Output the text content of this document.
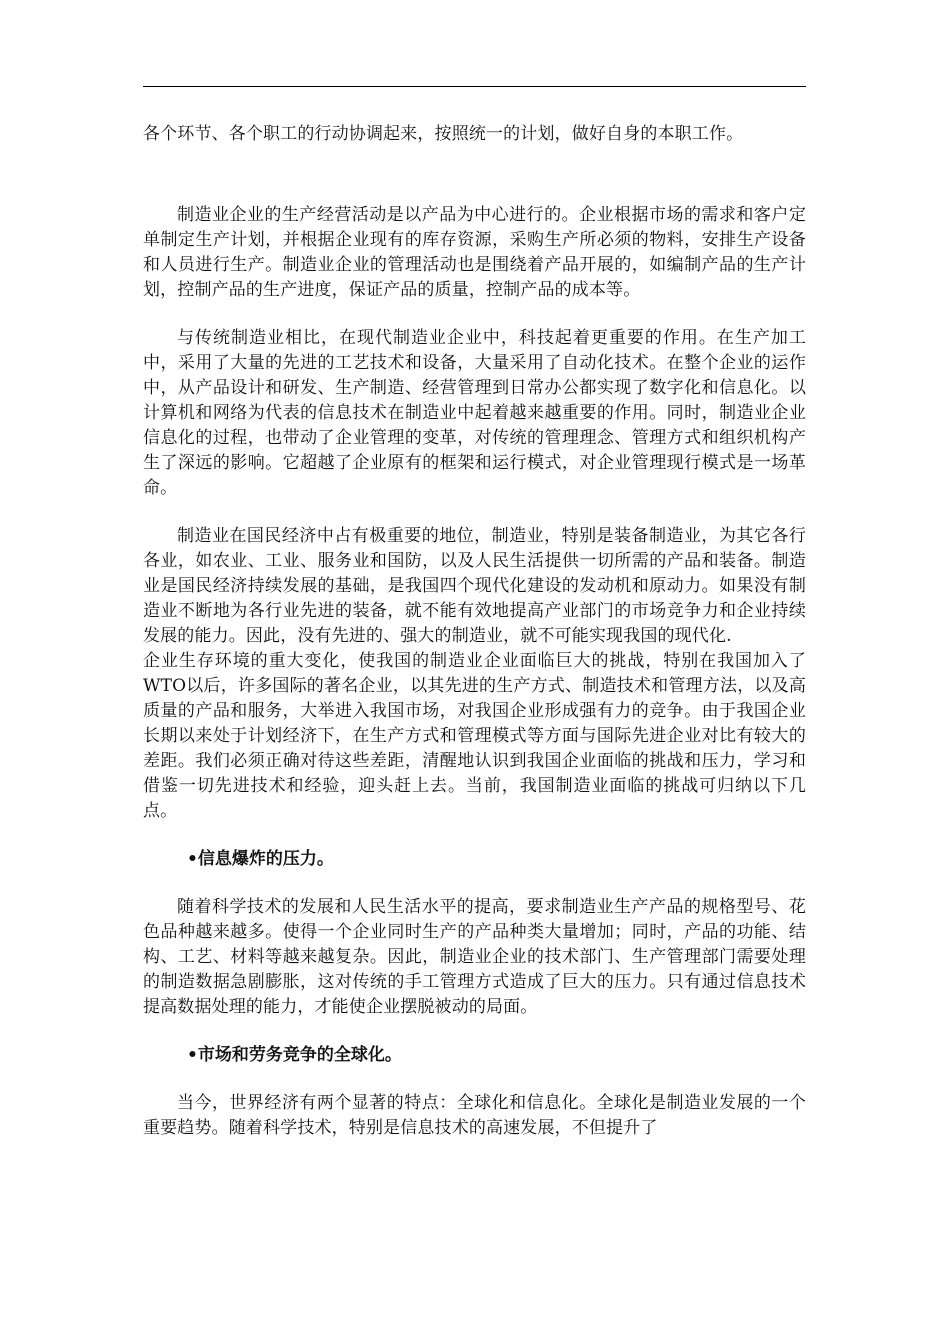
各个环节、各个职工的行动协调起来，按照统一的计划，做好自身的本职工作。

制造业企业的生产经营活动是以产品为中心进行的。企业根据市场的需求和客户定单制定生产计划，并根据企业现有的库存资源，采购生产所必须的物料，安排生产设备和人员进行生产。制造业企业的管理活动也是围绕着产品开展的，如编制产品的生产计划，控制产品的生产进度，保证产品的质量，控制产品的成本等。

与传统制造业相比，在现代制造业企业中，科技起着更重要的作用。在生产加工中，采用了大量的先进的工艺技术和设备，大量采用了自动化技术。在整个企业的运作中，从产品设计和研发、生产制造、经营管理到日常办公都实现了数字化和信息化。以计算机和网络为代表的信息技术在制造业中起着越来越重要的作用。同时，制造业企业信息化的过程，也带动了企业管理的变革，对传统的管理理念、管理方式和组织机构产生了深远的影响。它超越了企业原有的框架和运行模式，对企业管理现行模式是一场革命。

制造业在国民经济中占有极重要的地位，制造业，特别是装备制造业，为其它各行各业，如农业、工业、服务业和国防，以及人民生活提供一切所需的产品和装备。制造业是国民经济持续发展的基础，是我国四个现代化建设的发动机和原动力。如果没有制造业不断地为各行业先进的装备，就不能有效地提高产业部门的市场竞争力和企业持续发展的能力。因此，没有先进的、强大的制造业，就不可能实现我国的现代化.

企业生存环境的重大变化，使我国的制造业企业面临巨大的挑战，特别在我国加入了WTO以后，许多国际的著名企业，以其先进的生产方式、制造技术和管理方法，以及高质量的产品和服务，大举进入我国市场，对我国企业形成强有力的竞争。由于我国企业长期以来处于计划经济下，在生产方式和管理模式等方面与国际先进企业对比有较大的差距。我们必须正确对待这些差距，清醒地认识到我国企业面临的挑战和压力，学习和借鉴一切先进技术和经验，迎头赶上去。当前，我国制造业面临的挑战可归纳以下几点。

•信息爆炸的压力。

随着科学技术的发展和人民生活水平的提高，要求制造业生产产品的规格型号、花色品种越来越多。使得一个企业同时生产的产品种类大量增加；同时，产品的功能、结构、工艺、材料等越来越复杂。因此，制造业企业的技术部门、生产管理部门需要处理的制造数据急剧膨胀，这对传统的手工管理方式造成了巨大的压力。只有通过信息技术提高数据处理的能力，才能使企业摆脱被动的局面。

•市场和劳务竞争的全球化。

当今，世界经济有两个显著的特点：全球化和信息化。全球化是制造业发展的一个重要趋势。随着科学技术，特别是信息技术的高速发展，不但提升了
